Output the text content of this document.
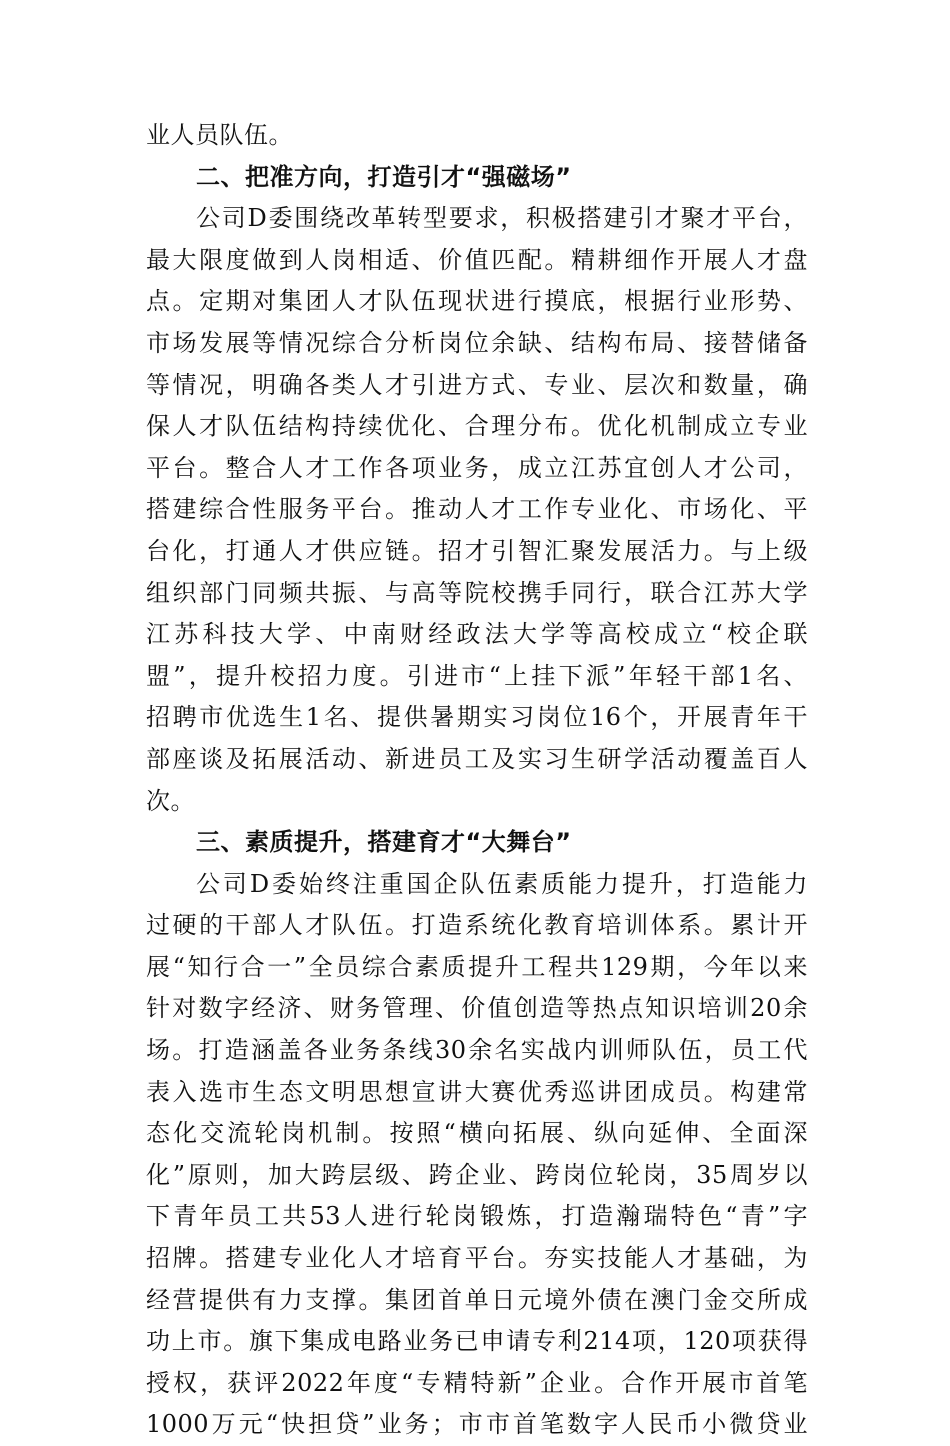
业人员队伍。
二、把准方向，打造引才“强磁场”
公司D委围绕改革转型要求，积极搭建引才聚才平台，
最大限度做到人岗相适、价值匹配。精耕细作开展人才盘
点。定期对集团人才队伍现状进行摸底，根据行业形势、
市场发展等情况综合分析岗位余缺、结构布局、接替储备
等情况，明确各类人才引进方式、专业、层次和数量，确
保人才队伍结构持续优化、合理分布。优化机制成立专业
平台。整合人才工作各项业务，成立江苏宜创人才公司，
搭建综合性服务平台。推动人才工作专业化、市场化、平
台化，打通人才供应链。招才引智汇聚发展活力。与上级
组织部门同频共振、与高等院校携手同行，联合江苏大学
江苏科技大学、中南财经政法大学等高校成立“校企联
盟”，提升校招力度。引进市“上挂下派”年轻干部1名、
招聘市优选生1名、提供暑期实习岗位16个，开展青年干
部座谈及拓展活动、新进员工及实习生研学活动覆盖百人
次。
三、素质提升，搭建育才“大舞台”
公司D委始终注重国企队伍素质能力提升，打造能力
过硬的干部人才队伍。打造系统化教育培训体系。累计开
展“知行合一”全员综合素质提升工程共129期，今年以来
针对数字经济、财务管理、价值创造等热点知识培训20余
场。打造涵盖各业务条线30余名实战内训师队伍，员工代
表入选市生态文明思想宣讲大赛优秀巡讲团成员。构建常
态化交流轮岗机制。按照“横向拓展、纵向延伸、全面深
化”原则，加大跨层级、跨企业、跨岗位轮岗，35周岁以
下青年员工共53人进行轮岗锻炼，打造瀚瑞特色“青”字
招牌。搭建专业化人才培育平台。夯实技能人才基础，为
经营提供有力支撑。集团首单日元境外债在澳门金交所成
功上市。旗下集成电路业务已申请专利214项，120项获得
授权，获评2022年度“专精特新”企业。合作开展市首笔
1000万元“快担贷”业务；市市首笔数字人民币小微贷业
